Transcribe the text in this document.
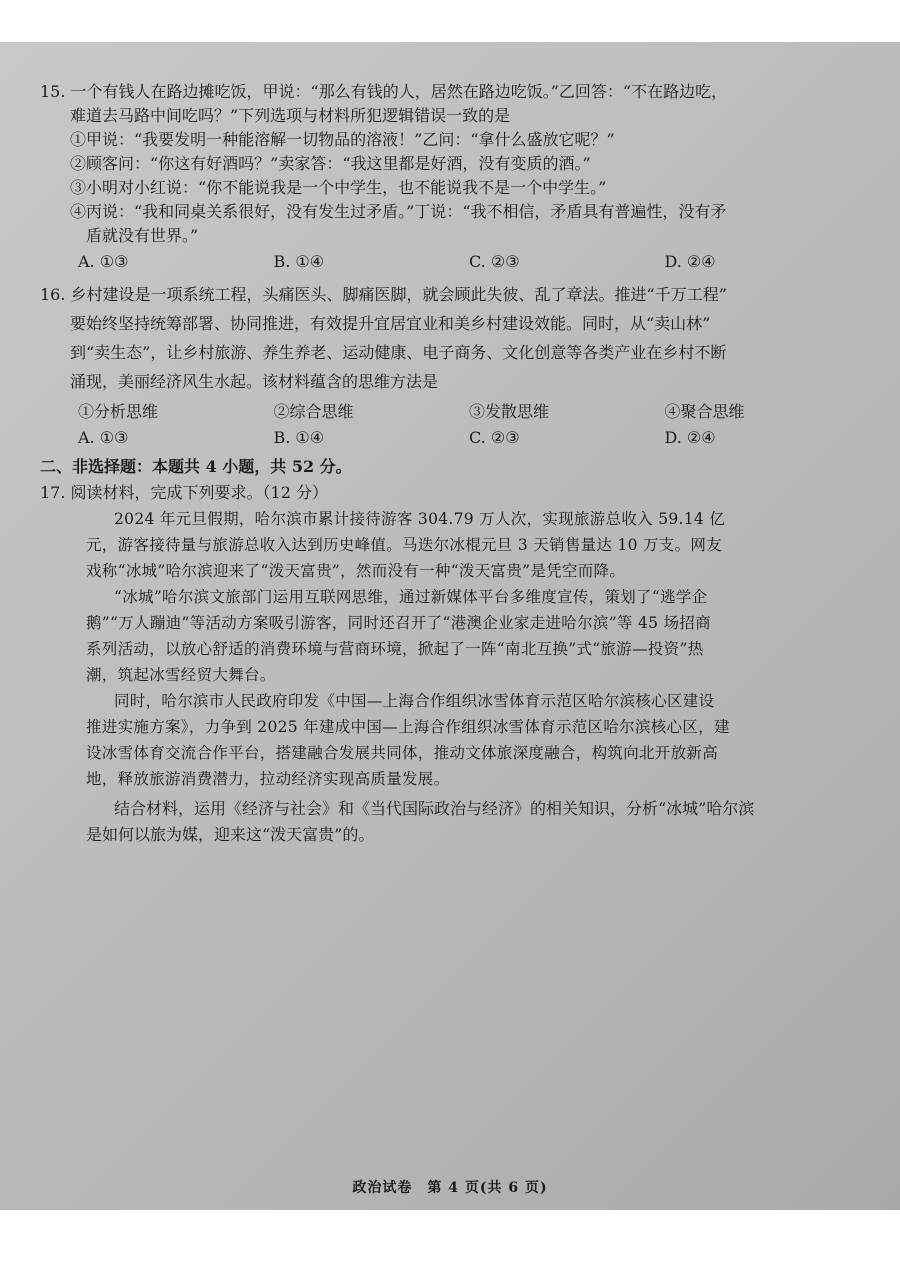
15. 一个有钱人在路边摊吃饭，甲说：“那么有钱的人，居然在路边吃饭。”乙回答：“不在路边吃，
难道去马路中间吃吗？”下列选项与材料所犯逻辑错误一致的是
①甲说：“我要发明一种能溶解一切物品的溶液！”乙问：“拿什么盛放它呢？”
②顾客问：“你这有好酒吗？”卖家答：“我这里都是好酒，没有变质的酒。”
③小明对小红说：“你不能说我是一个中学生，也不能说我不是一个中学生。”
④丙说：“我和同桌关系很好，没有发生过矛盾。”丁说：“我不相信，矛盾具有普遍性，没有矛
盾就没有世界。”
A. ①③	B. ①④	C. ②③	D. ②④
16. 乡村建设是一项系统工程，头痛医头、脚痛医脚，就会顾此失彼、乱了章法。推进“千万工程”
要始终坚持统筹部署、协同推进，有效提升宜居宜业和美乡村建设效能。同时，从“卖山林”
到“卖生态”，让乡村旅游、养生养老、运动健康、电子商务、文化创意等各类产业在乡村不断
涌现，美丽经济风生水起。该材料蕴含的思维方法是
①分析思维	②综合思维	③发散思维	④聚合思维
A. ①③	B. ①④	C. ②③	D. ②④
二、非选择题：本题共 4 小题，共 52 分。
17. 阅读材料，完成下列要求。（12 分）
2024 年元旦假期，哈尔滨市累计接待游客 304.79 万人次，实现旅游总收入 59.14 亿
元，游客接待量与旅游总收入达到历史峰值。马迭尔冰棍元旦 3 天销售量达 10 万支。网友
戏称“冰城”哈尔滨迎来了“泼天富贵”，然而没有一种“泼天富贵”是凭空而降。
“冰城”哈尔滨文旅部门运用互联网思维，通过新媒体平台多维度宣传，策划了“逃学企
鹅”“万人蹦迪”等活动方案吸引游客，同时还召开了“港澳企业家走进哈尔滨”等 45 场招商
系列活动，以放心舒适的消费环境与营商环境，掀起了一阵“南北互换”式“旅游—投资”热
潮，筑起冰雪经贸大舞台。
同时，哈尔滨市人民政府印发《中国—上海合作组织冰雪体育示范区哈尔滨核心区建设
推进实施方案》，力争到 2025 年建成中国—上海合作组织冰雪体育示范区哈尔滨核心区，建
设冰雪体育交流合作平台，搭建融合发展共同体，推动文体旅深度融合，构筑向北开放新高
地，释放旅游消费潜力，拉动经济实现高质量发展。
结合材料，运用《经济与社会》和《当代国际政治与经济》的相关知识，分析“冰城”哈尔滨
是如何以旅为媒，迎来这“泼天富贵”的。
政治试卷　第 4 页(共 6 页)
